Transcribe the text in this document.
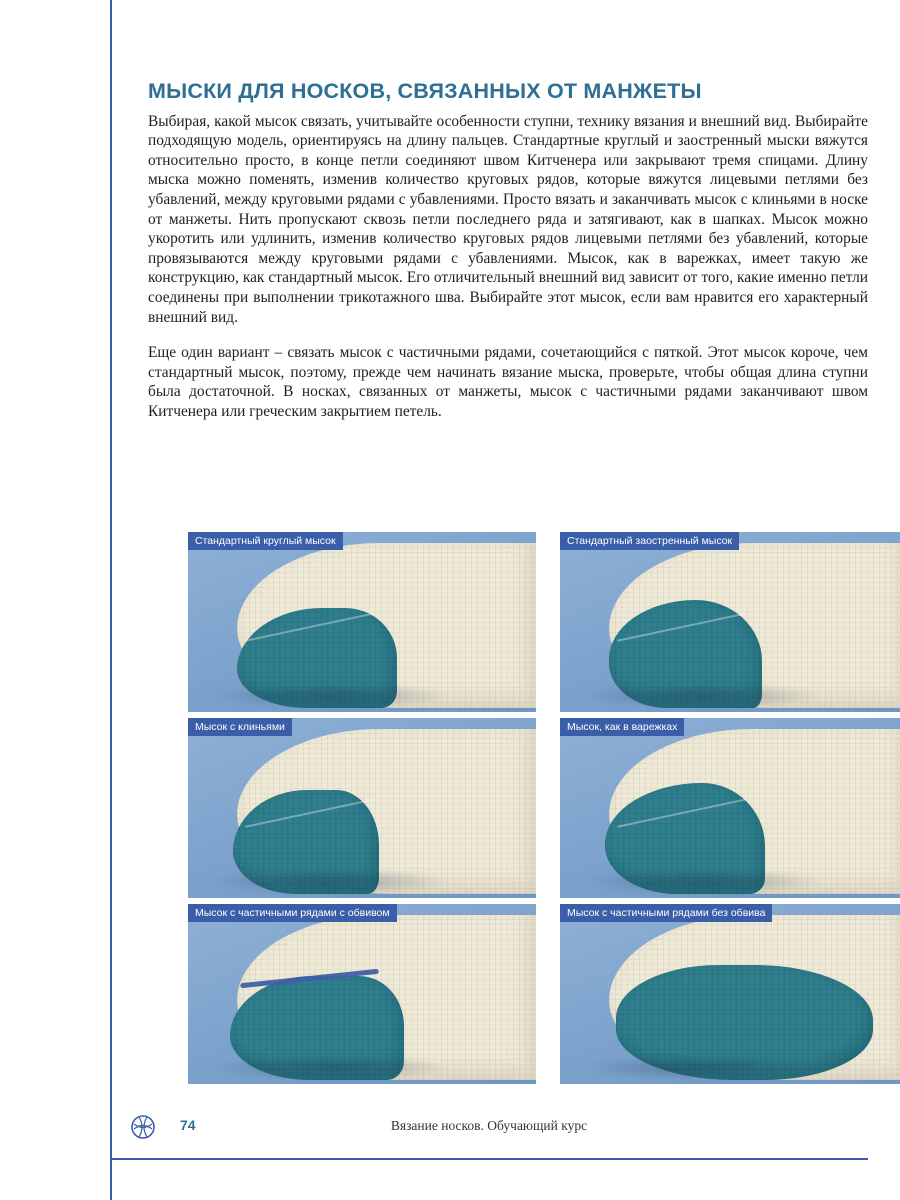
МЫСКИ ДЛЯ НОСКОВ, СВЯЗАННЫХ ОТ МАНЖЕТЫ

Выбирая, какой мысок связать, учитывайте особенности ступни, технику вязания и внешний вид. Выбирайте подходящую модель, ориентируясь на длину пальцев. Стандартные круглый и заостренный мыски вяжутся относительно просто, в конце петли соединяют швом Китченера или закрывают тремя спицами. Длину мыска можно поменять, изменив количество круговых рядов, которые вяжутся лицевыми петлями без убавлений, между круговыми рядами с убавлениями. Просто вязать и заканчивать мысок с клиньями в носке от манжеты. Нить пропускают сквозь петли последнего ряда и затягивают, как в шапках. Мысок можно укоротить или удлинить, изменив количество круговых рядов лицевыми петлями без убавлений, которые провязываются между круговыми рядами с убавлениями. Мысок, как в варежках, имеет такую же конструкцию, как стандартный мысок. Его отличительный внешний вид зависит от того, какие именно петли соединены при выполнении трикотажного шва. Выбирайте этот мысок, если вам нравится его характерный внешний вид.

Еще один вариант – связать мысок с частичными рядами, сочетающийся с пяткой. Этот мысок короче, чем стандартный мысок, поэтому, прежде чем начинать вязание мыска, проверьте, чтобы общая длина ступни была достаточной. В носках, связанных от манжеты, мысок с частичными рядами заканчивают швом Китченера или греческим закрытием петель.

Стандартный круглый мысок	Стандартный заостренный мысок
Мысок с клиньями	Мысок, как в варежках
Мысок с частичными рядами с обвивом	Мысок с частичными рядами без обвива
74	Вязание носков. Обучающий курс
